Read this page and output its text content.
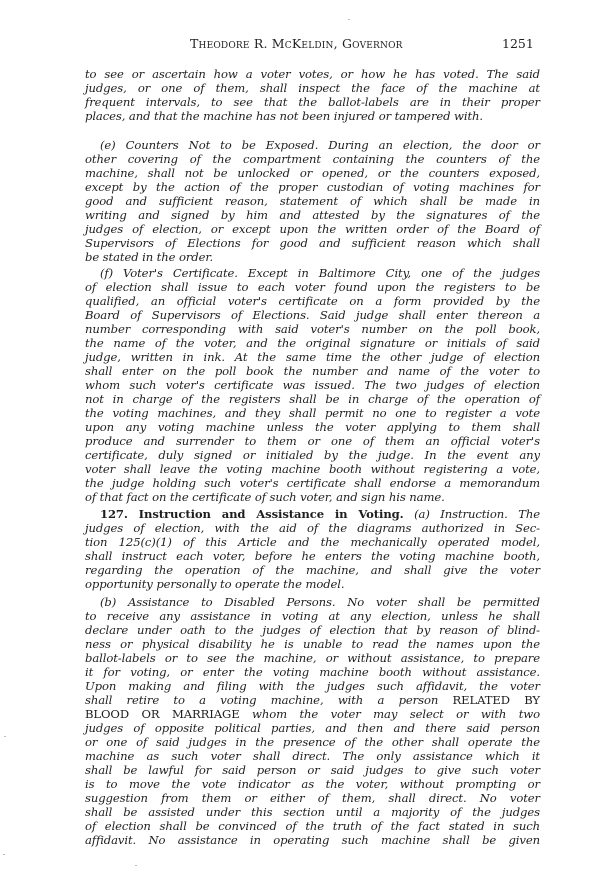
Theodore R. McKeldin, Governor	1251
to see or ascertain how a voter votes, or how he has voted. The said
judges, or one of them, shall inspect the face of the machine at
frequent intervals, to see that the ballot-labels are in their proper
places, and that the machine has not been injured or tampered with.
(e) Counters Not to be Exposed. During an election, the door or
other covering of the compartment containing the counters of the
machine, shall not be unlocked or opened, or the counters exposed,
except by the action of the proper custodian of voting machines for
good and sufficient reason, statement of which shall be made in
writing and signed by him and attested by the signatures of the
judges of election, or except upon the written order of the Board of
Supervisors of Elections for good and sufficient reason which shall
be stated in the order.
(f) Voter's Certificate. Except in Baltimore City, one of the judges
of election shall issue to each voter found upon the registers to be
qualified, an official voter's certificate on a form provided by the
Board of Supervisors of Elections. Said judge shall enter thereon a
number corresponding with said voter's number on the poll book,
the name of the voter, and the original signature or initials of said
judge, written in ink. At the same time the other judge of election
shall enter on the poll book the number and name of the voter to
whom such voter's certificate was issued. The two judges of election
not in charge of the registers shall be in charge of the operation of
the voting machines, and they shall permit no one to register a vote
upon any voting machine unless the voter applying to them shall
produce and surrender to them or one of them an official voter's
certificate, duly signed or initialed by the judge. In the event any
voter shall leave the voting machine booth without registering a vote,
the judge holding such voter's certificate shall endorse a memorandum
of that fact on the certificate of such voter, and sign his name.
127. Instruction and Assistance in Voting. (a) Instruction. The
judges of election, with the aid of the diagrams authorized in Sec-
tion 125(c)(1) of this Article and the mechanically operated model,
shall instruct each voter, before he enters the voting machine booth,
regarding the operation of the machine, and shall give the voter
opportunity personally to operate the model.
(b) Assistance to Disabled Persons. No voter shall be permitted
to receive any assistance in voting at any election, unless he shall
declare under oath to the judges of election that by reason of blind-
ness or physical disability he is unable to read the names upon the
ballot-labels or to see the machine, or without assistance, to prepare
it for voting, or enter the voting machine booth without assistance.
Upon making and filing with the judges such affidavit, the voter
shall retire to a voting machine, with a person RELATED BY
BLOOD OR MARRIAGE whom the voter may select or with two
judges of opposite political parties, and then and there said person
or one of said judges in the presence of the other shall operate the
machine as such voter shall direct. The only assistance which it
shall be lawful for said person or said judges to give such voter
is to move the vote indicator as the voter, without prompting or
suggestion from them or either of them, shall direct. No voter
shall be assisted under this section until a majority of the judges
of election shall be convinced of the truth of the fact stated in such
affidavit. No assistance in operating such machine shall be given
